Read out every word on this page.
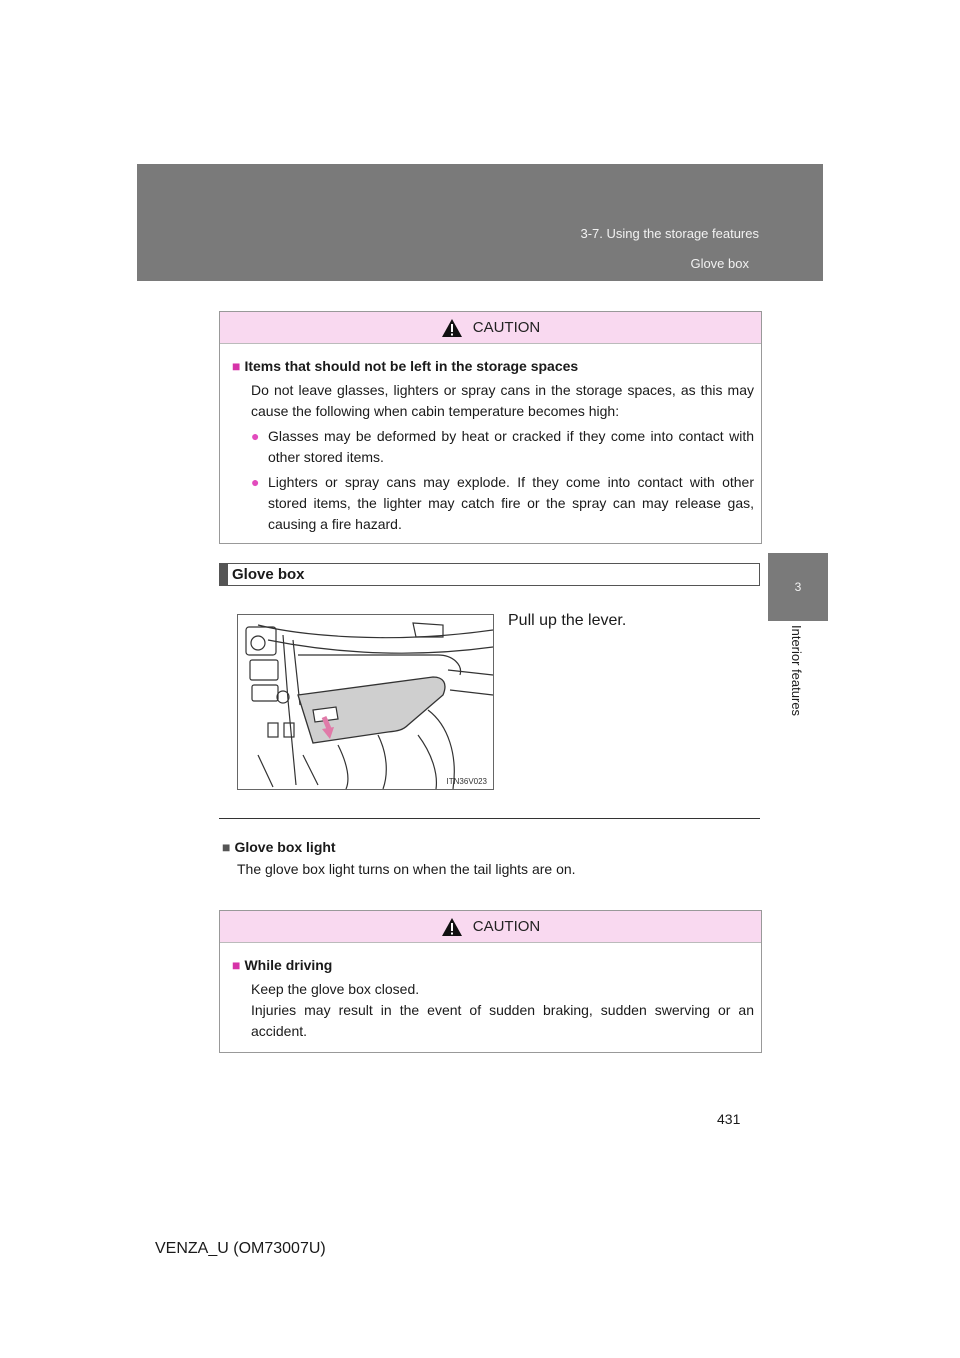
3-7. Using the storage features
Glove box
3
Interior features
CAUTION

■ Items that should not be left in the storage spaces

Do not leave glasses, lighters or spray cans in the storage spaces, as this may cause the following when cabin temperature becomes high:

● Glasses may be deformed by heat or cracked if they come into contact with other stored items.
● Lighters or spray cans may explode. If they come into contact with other stored items, the lighter may catch fire or the spray can may release gas, causing a fire hazard.
Glove box
ITN36V023
Pull up the lever.
■ Glove box light
The glove box light turns on when the tail lights are on.
CAUTION

■ While driving

Keep the glove box closed.

Injuries may result in the event of sudden braking, sudden swerving or an accident.

431
VENZA_U (OM73007U)
